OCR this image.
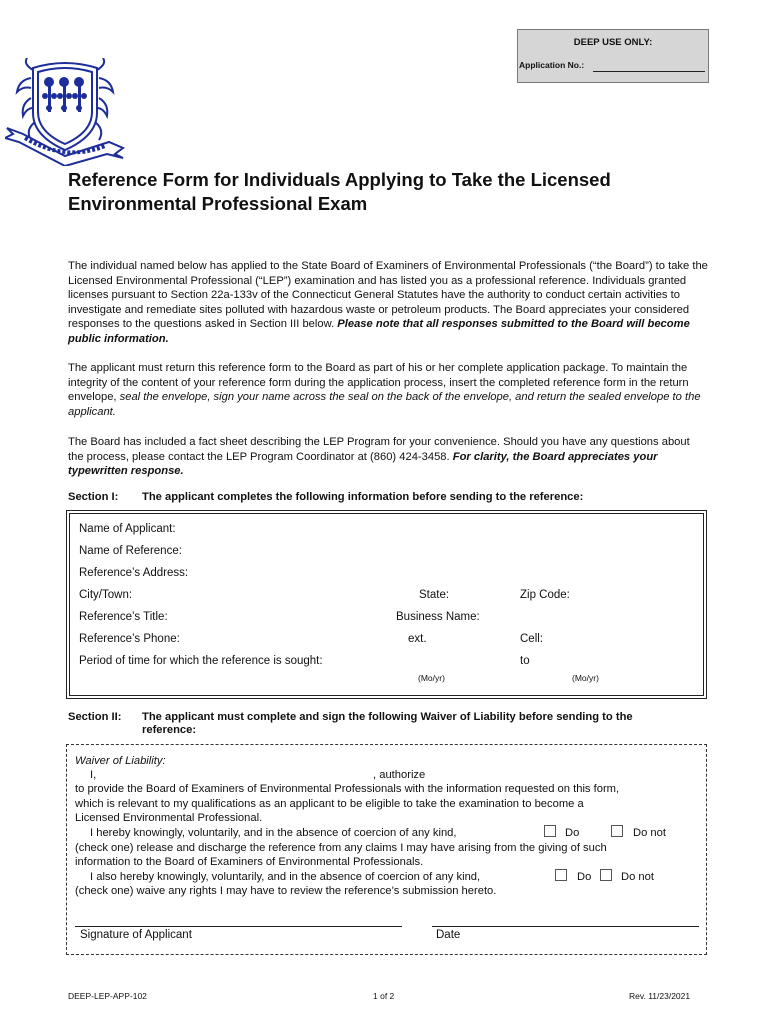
DEEP USE ONLY:
Application No.:
Reference Form for Individuals Applying to Take the Licensed
Environmental Professional Exam
The individual named below has applied to the State Board of Examiners of Environmental Professionals (“the Board”) to take the Licensed Environmental Professional (“LEP”) examination and has listed you as a professional reference. Individuals granted licenses pursuant to Section 22a-133v of the Connecticut General Statutes have the authority to conduct certain activities to investigate and remediate sites polluted with hazardous waste or petroleum products. The Board appreciates your considered responses to the questions asked in Section III below. Please note that all responses submitted to the Board will become public information.
The applicant must return this reference form to the Board as part of his or her complete application package. To maintain the integrity of the content of your reference form during the application process, insert the completed reference form in the return envelope, seal the envelope, sign your name across the seal on the back of the envelope, and return the sealed envelope to the applicant.
The Board has included a fact sheet describing the LEP Program for your convenience. Should you have any questions about the process, please contact the LEP Program Coordinator at (860) 424-3458. For clarity, the Board appreciates your typewritten response.
Section I: The applicant completes the following information before sending to the reference:
Name of Applicant:
Name of Reference:
Reference’s Address:
City/Town:	State:	Zip Code:
Reference’s Title:	Business Name:
Reference’s Phone:	ext.	Cell:
Period of time for which the reference is sought:	to
(Mo/yr)	(Mo/yr)
Section II: The applicant must complete and sign the following Waiver of Liability before sending to the
reference:
Waiver of Liability:
I,	, authorize
to provide the Board of Examiners of Environmental Professionals with the information requested on this form,
which is relevant to my qualifications as an applicant to be eligible to take the examination to become a
Licensed Environmental Professional.
I hereby knowingly, voluntarily, and in the absence of coercion of any kind,	Do	Do not
(check one) release and discharge the reference from any claims I may have arising from the giving of such
information to the Board of Examiners of Environmental Professionals.
I also hereby knowingly, voluntarily, and in the absence of coercion of any kind,	Do	Do not
(check one) waive any rights I may have to review the reference’s submission hereto.
Signature of Applicant	Date
DEEP-LEP-APP-102	1 of 2	Rev. 11/23/2021
